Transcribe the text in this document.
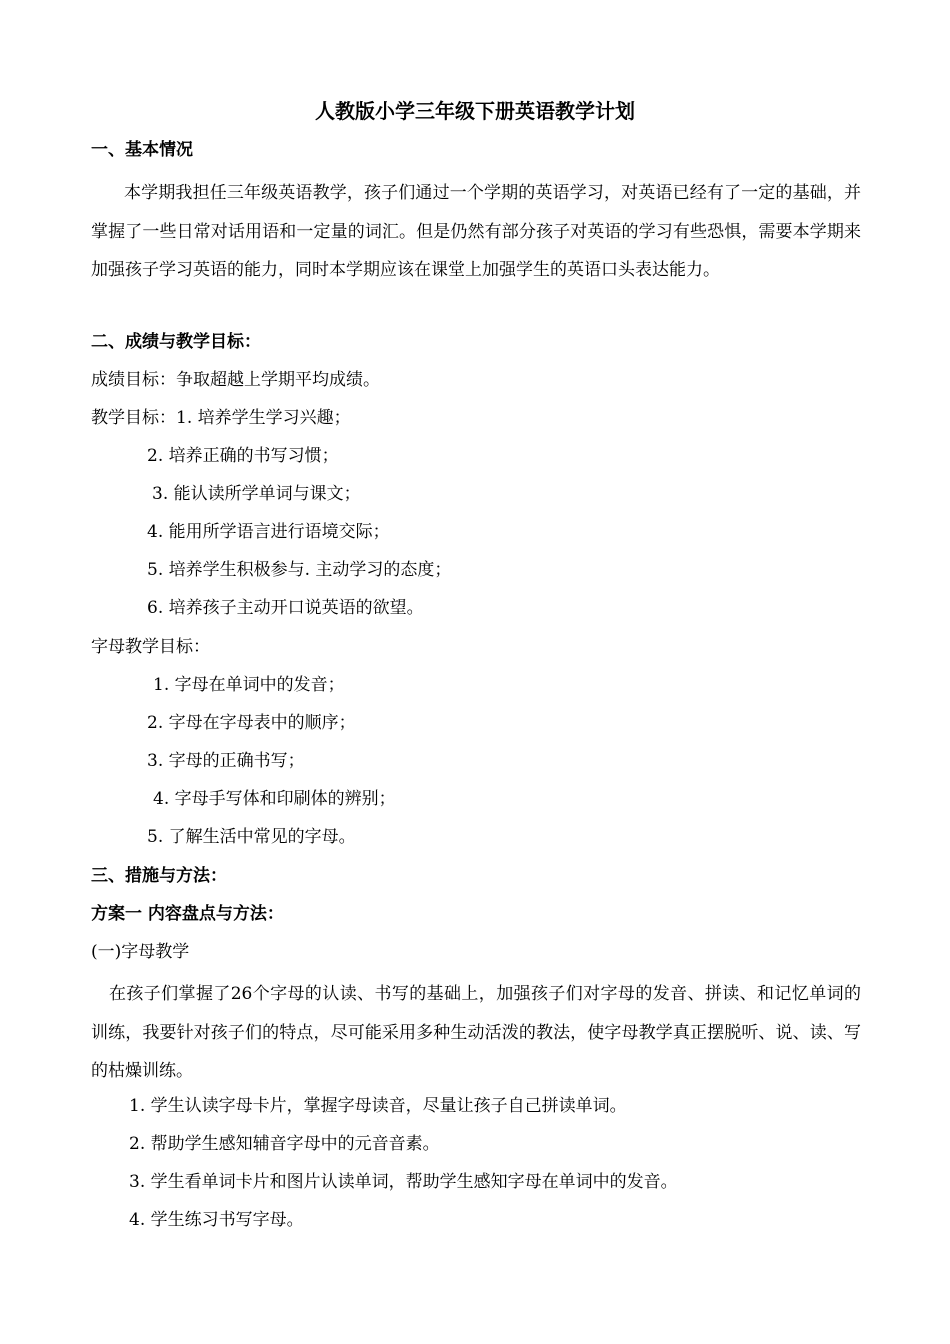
人教版小学三年级下册英语教学计划

一、基本情况

本学期我担任三年级英语教学，孩子们通过一个学期的英语学习，对英语已经有了一定的基础，并掌握了一些日常对话用语和一定量的词汇。但是仍然有部分孩子对英语的学习有些恐惧，需要本学期来加强孩子学习英语的能力，同时本学期应该在课堂上加强学生的英语口头表达能力。

二、成绩与教学目标：

成绩目标：争取超越上学期平均成绩。

教学目标：1. 培养学生学习兴趣；

2. 培养正确的书写习惯；

3. 能认读所学单词与课文；

4. 能用所学语言进行语境交际；

5. 培养学生积极参与. 主动学习的态度；

6. 培养孩子主动开口说英语的欲望。

字母教学目标：

1. 字母在单词中的发音；

2. 字母在字母表中的顺序；

3. 字母的正确书写；

4. 字母手写体和印刷体的辨别；

5. 了解生活中常见的字母。

三、措施与方法：

方案一 内容盘点与方法：

(一)字母教学

在孩子们掌握了26个字母的认读、书写的基础上，加强孩子们对字母的发音、拼读、和记忆单词的训练，我要针对孩子们的特点，尽可能采用多种生动活泼的教法，使字母教学真正摆脱听、说、读、写的枯燥训练。

1. 学生认读字母卡片，掌握字母读音，尽量让孩子自己拼读单词。

2. 帮助学生感知辅音字母中的元音音素。

3. 学生看单词卡片和图片认读单词，帮助学生感知字母在单词中的发音。

4. 学生练习书写字母。
